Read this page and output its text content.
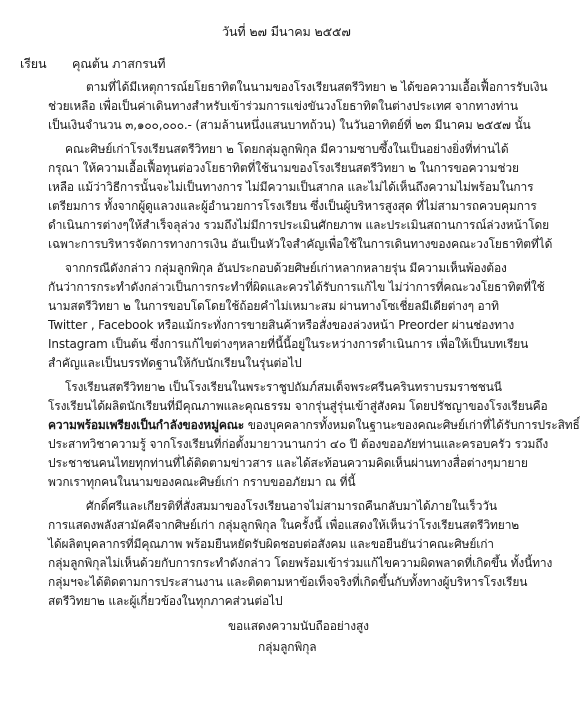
วันที่ ๒๗ มีนาคม ๒๕๕๗
เรียน คุณต้น ภาสกรนที
ตามที่ได้มีเหตุการณ์ยโยธาทิตในนามของโรงเรียนสตรีวิทยา ๒ ได้ขอความเอื้อเฟื้อการรับเงิน
ช่วยเหลือ เพื่อเป็นค่าเดินทางสำหรับเข้าร่วมการแข่งขันวงโยธาทิตในต่างประเทศ จากทางท่าน
เป็นเงินจำนวน ๓,๑๐๐,๐๐๐.- (สามล้านหนึ่งแสนบาทถ้วน) ในวันอาทิตย์ที่ ๒๓ มีนาคม ๒๕๕๗ นั้น
คณะศิษย์เก่าโรงเรียนสตรีวิทยา ๒ โดยกลุ่มลูกพิกุล มีความซาบซึ้งในเป็นอย่างยิ่งที่ท่านได้
กรุณา ให้ความเอื้อเฟื้อทุนต่อวงโยธาทิตที่ใช้นามของโรงเรียนสตรีวิทยา ๒ ในการขอความช่วย
เหลือ แม้ว่าวิธีการนั้นจะไม่เป็นทางการ ไม่มีความเป็นสากล และไม่ได้เห็นถึงความไม่พร้อมในการ
เตรียมการ ทั้งจากผู้ดูแลวงและผู้อำนวยการโรงเรียน ซึ่งเป็นผู้บริหารสูงสุด ที่ไม่สามารถควบคุมการ
ดำเนินการต่างๆให้สำเร็จลุล่วง รวมถึงไม่มีการประเมินศักยภาพ และประเมินสถานการณ์ล่วงหน้าโดย
เฉพาะการบริหารจัดการทางการเงิน อันเป็นหัวใจสำคัญเพื่อใช้ในการเดินทางของคณะวงโยธาทิตที่ได้
จากกรณีดังกล่าว กลุ่มลูกพิกุล อันประกอบด้วยศิษย์เก่าหลากหลายรุ่น มีความเห็นพ้องต้อง
กันว่าการกระทำดังกล่าวเป็นการกระทำที่ผิดและควรได้รับการแก้ไข ไม่ว่าการที่คณะวงโยธาทิตที่ใช้
นามสตรีวิทยา ๒ ในการขอบโดโดยใช้ถ้อยคำไม่เหมาะสม ผ่านทางโซเชี่ยลมีเดียต่างๆ อาทิ
Twitter , Facebook หรือแม้กระทั่งการขายสินค้าหรือสั่งของล่วงหน้า Preorder ผ่านช่องทาง
Instagram เป็นต้น ซึ่งการแก้ไขต่างๆหลายที่นี้นี้อยู่ในระหว่างการดำเนินการ เพื่อให้เป็นบทเรียน
สำคัญและเป็นบรรทัดฐานให้กับนักเรียนในรุ่นต่อไป
โรงเรียนสตรีวิทยา๒ เป็นโรงเรียนในพระราชูปถัมภ์สมเด็จพระศรีนครินทราบรมราชชนนี
โรงเรียนได้ผลิตนักเรียนที่มีคุณภาพและคุณธรรม จากรุ่นสู่รุ่นเข้าสู่สังคม โดยปรัชญาของโรงเรียนคือ
ความพร้อมเพรียงเป็นกำลังของหมู่คณะ ของบุคคลากรทั้งหมดในฐานะของคณะศิษย์เก่าที่ได้รับการประสิทธิ์
ประสาทวิชาความรู้ จากโรงเรียนที่ก่อตั้งมายาวนานกว่า ๔๐ ปี ต้องขออภัยท่านและครอบครัว รวมถึง
ประชาชนคนไทยทุกท่านที่ได้ติดตามข่าวสาร และได้สะท้อนความคิดเห็นผ่านทางสื่อต่างๆมายาย
พวกเราทุกคนในนามของคณะศิษย์เก่า กราบขออภัยมา ณ ที่นี้
ศักดิ์ศรีและเกียรติที่สั่งสมมาของโรงเรียนอาจไม่สามารถคืนกลับมาได้ภายในเร็ววัน
การแสดงพลังสามัคคีจากศิษย์เก่า กลุ่มลูกพิกุล ในครั้งนี้ เพื่อแสดงให้เห็นว่าโรงเรียนสตรีวิทยา๒
ได้ผลิตบุคลากรที่มีคุณภาพ พร้อมยืนหยัดรับผิดชอบต่อสังคม และขอยืนยันว่าคณะศิษย์เก่า
กลุ่มลูกพิกุลไม่เห็นด้วยกับการกระทำดังกล่าว โดยพร้อมเข้าร่วมแก้ไขความผิดพลาดที่เกิดขึ้น ทั้งนี้ทาง
กลุ่มฯจะได้ติดตามการประสานงาน และติดตามหาข้อเท็จจริงที่เกิดขึ้นกับทั้งทางผู้บริหารโรงเรียน
สตรีวิทยา๒ และผู้เกี่ยวข้องในทุกภาคส่วนต่อไป
ขอแสดงความนับถืออย่างสูง
กลุ่มลูกพิกุล
